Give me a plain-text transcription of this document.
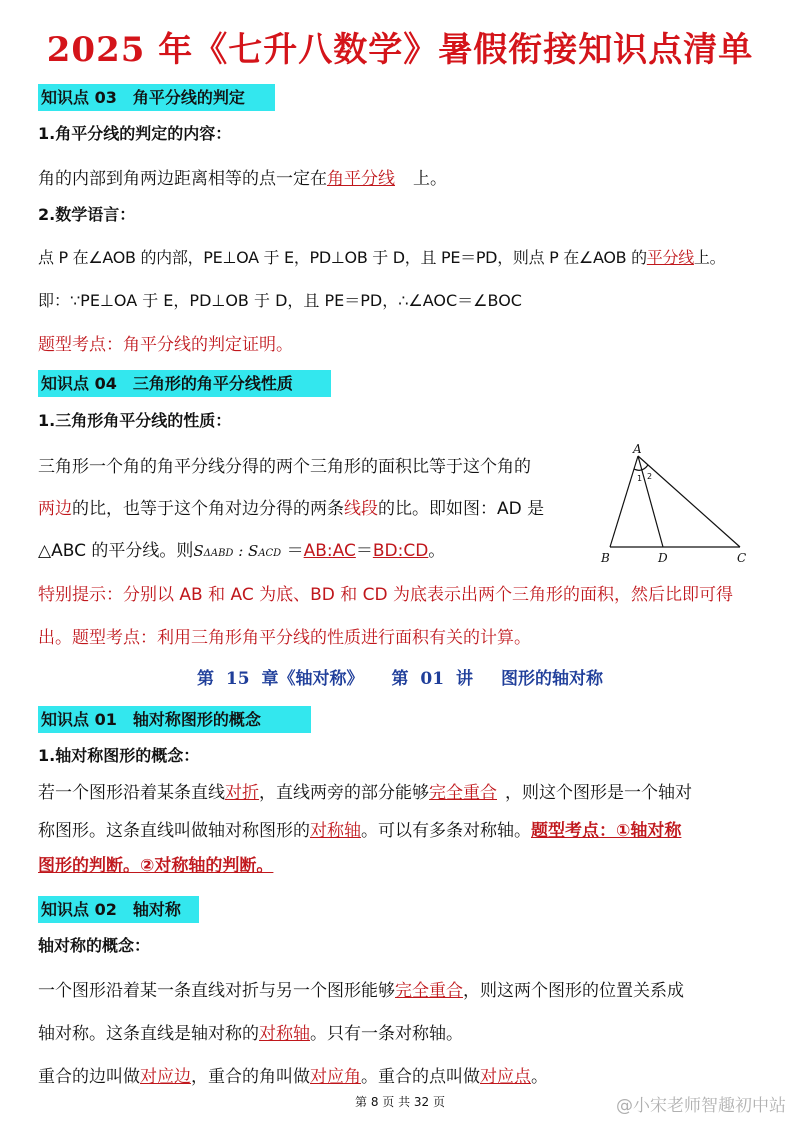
2025 年《七升八数学》暑假衔接知识点清单
知识点 03　角平分线的判定
1.角平分线的判定的内容：
角的内部到角两边距离相等的点一定在角平分线 上。
2.数学语言：
点 P 在∠AOB 的内部，PE⊥OA 于 E，PD⊥OB 于 D，且 PE＝PD，则点 P 在∠AOB 的平分线上。
即：∵PE⊥OA 于 E，PD⊥OB 于 D，且 PE＝PD，∴∠AOC＝∠BOC
题型考点：角平分线的判定证明。
知识点 04　三角形的角平分线性质
1.三角形角平分线的性质：
三角形一个角的角平分线分得的两个三角形的面积比等于这个角的
两边的比，也等于这个角对边分得的两条线段的比。即如图：AD 是
△ABC 的平分线。则SΔABD : SACD ＝AB:AC＝BD:CD。
A
B	D	C
1 2
特别提示：分别以 AB 和 AC 为底、BD 和 CD 为底表示出两个三角形的面积，然后比即可得
出。题型考点：利用三角形角平分线的性质进行面积有关的计算。
第 15 章《轴对称》 第 01 讲 图形的轴对称
知识点 01　轴对称图形的概念
1.轴对称图形的概念：
若一个图形沿着某条直线对折，直线两旁的部分能够完全重合 ，则这个图形是一个轴对
称图形。这条直线叫做轴对称图形的对称轴。可以有多条对称轴。题型考点：①轴对称
图形的判断。②对称轴的判断。
知识点 02　轴对称
轴对称的概念：
一个图形沿着某一条直线对折与另一个图形能够完全重合，则这两个图形的位置关系成
轴对称。这条直线是轴对称的对称轴。只有一条对称轴。
重合的边叫做对应边，重合的角叫做对应角。重合的点叫做对应点。
第 8 页 共 32 页	@小宋老师智趣初中站
